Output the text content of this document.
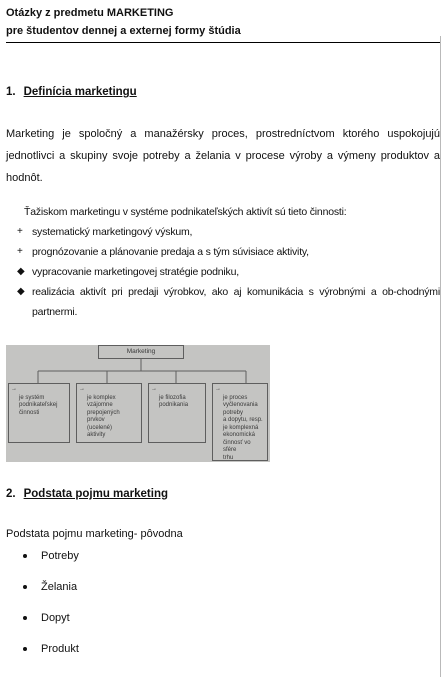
Otázky z predmetu MARKETING
pre študentov dennej a externej formy štúdia
1. Definícia marketingu
Marketing je spoločný a manažérsky proces, prostredníctvom ktorého uspokojujú jednotlivci a skupiny svoje potreby a želania v procese výroby a výmeny produktov a hodnôt.
Ťažiskom marketingu v systéme podnikateľských aktivít sú tieto činnosti:
+ systematický marketingový výskum,
+ prognózovanie a plánovanie predaja a s tým súvisiace aktivity,
◆ vypracovanie marketingovej stratégie podniku,
◆ realizácia aktivít pri predaji výrobkov, ako aj komunikácia s výrobnými a ob-chodnými partnermi.
Marketing

→
je systém
podnikateľskej
činnosti

→
je komplex
vzájomne
prepojených
prvkov
(ucelené)
aktivity

→
je filozofia
podnikania

→
je proces
vyčlenovania
potreby
a dopytu, resp.
je komplexná
ekonomická
činnosť vo
sfére
trhu

2. Podstata pojmu marketing
Podstata pojmu marketing- pôvodna
Potreby
Želania
Dopyt
Produkt
